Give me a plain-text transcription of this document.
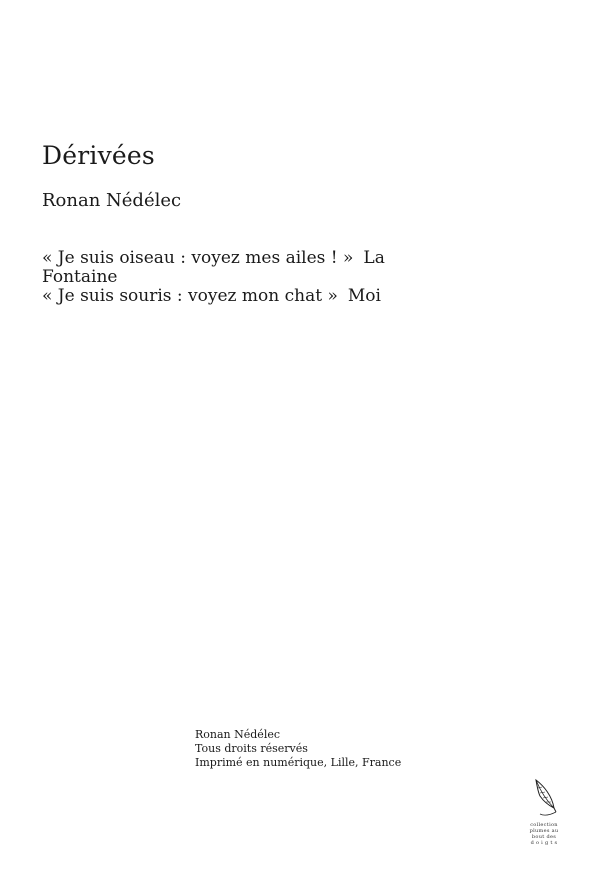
Dérivées

Ronan Nédélec

« Je suis oiseau : voyez mes ailes ! » La Fontaine
« Je suis souris : voyez mon chat » Moi
Ronan Nédélec
Tous droits réservés
Imprimé en numérique, Lille, France
collection
plumes au
bout des
d o i g t s
